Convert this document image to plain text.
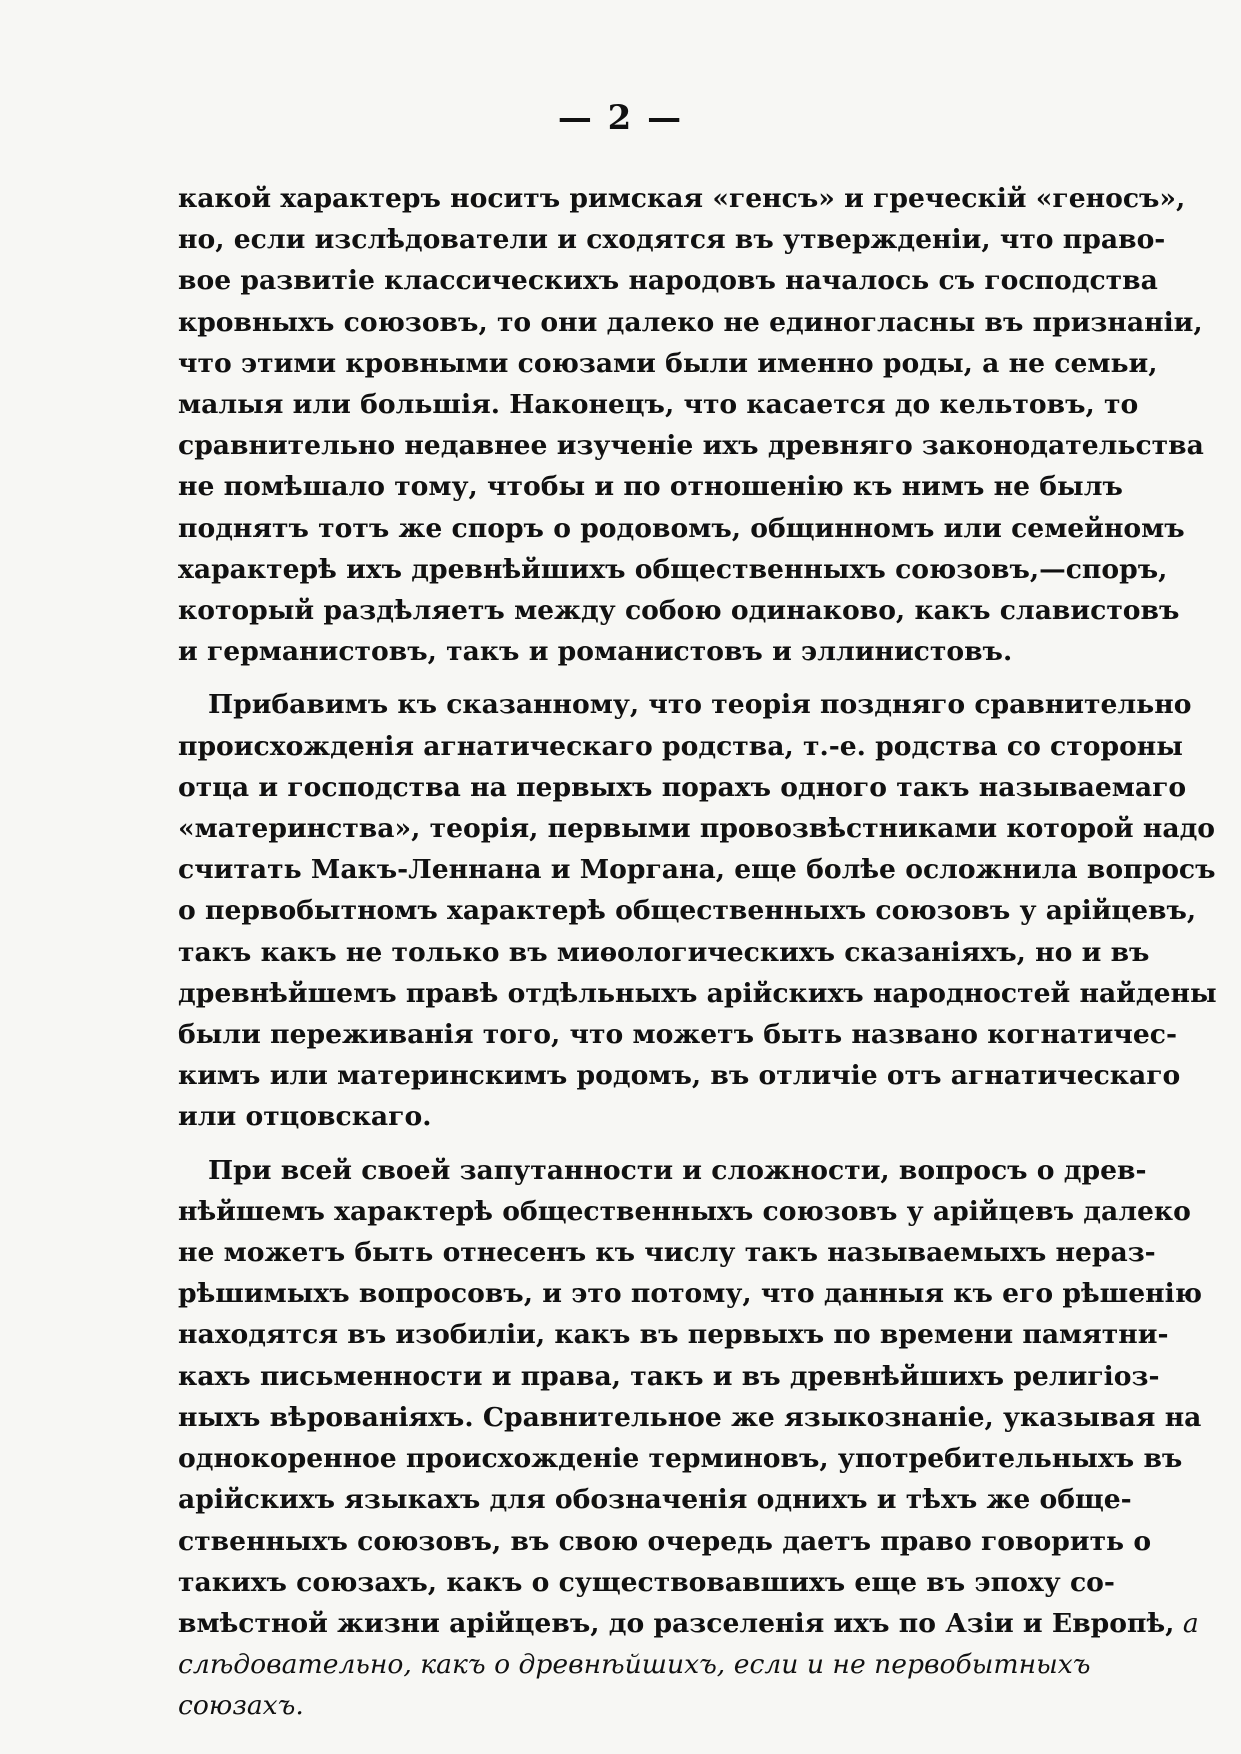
— 2 —
какой характеръ носитъ римская «генсъ» и греческій «геносъ»,
но, если изслѣдователи и сходятся въ утвержденіи, что право-
вое развитіе классическихъ народовъ началось съ господства
кровныхъ союзовъ, то они далеко не единогласны въ признаніи,
что этими кровными союзами были именно роды, а не семьи,
малыя или большія. Наконецъ, что касается до кельтовъ, то
сравнительно недавнее изученіе ихъ древняго законодательства
не помѣшало тому, чтобы и по отношенію къ нимъ не былъ
поднятъ тотъ же споръ о родовомъ, общинномъ или семейномъ
характерѣ ихъ древнѣйшихъ общественныхъ союзовъ,—споръ,
который раздѣляетъ между собою одинаково, какъ славистовъ
и германистовъ, такъ и романистовъ и эллинистовъ.
Прибавимъ къ сказанному, что теорія поздняго сравнительно
происхожденія агнатическаго родства, т.-е. родства со стороны
отца и господства на первыхъ порахъ одного такъ называемаго
«материнства», теорія, первыми провозвѣстниками которой надо
считать Макъ-Леннана и Моргана, еще болѣе осложнила вопросъ
о первобытномъ характерѣ общественныхъ союзовъ у арійцевъ,
такъ какъ не только въ миѳологическихъ сказаніяхъ, но и въ
древнѣйшемъ правѣ отдѣльныхъ арійскихъ народностей найдены
были переживанія того, что можетъ быть названо когнатичес-
кимъ или материнскимъ родомъ, въ отличіе отъ агнатическаго
или отцовскаго.
При всей своей запутанности и сложности, вопросъ о древ-
нѣйшемъ характерѣ общественныхъ союзовъ у арійцевъ далеко
не можетъ быть отнесенъ къ числу такъ называемыхъ нераз-
рѣшимыхъ вопросовъ, и это потому, что данныя къ его рѣшенію
находятся въ изобиліи, какъ въ первыхъ по времени памятни-
кахъ письменности и права, такъ и въ древнѣйшихъ религіоз-
ныхъ вѣрованіяхъ. Сравнительное же языкознаніе, указывая на
однокоренное происхожденіе терминовъ, употребительныхъ въ
арійскихъ языкахъ для обозначенія однихъ и тѣхъ же обще-
ственныхъ союзовъ, въ свою очередь даетъ право говорить о
такихъ союзахъ, какъ о существовавшихъ еще въ эпоху со-
вмѣстной жизни арійцевъ, до разселенія ихъ по Азіи и Европѣ, а
слѣдовательно, какъ о древнѣйшихъ, если и не первобытныхъ
союзахъ.
